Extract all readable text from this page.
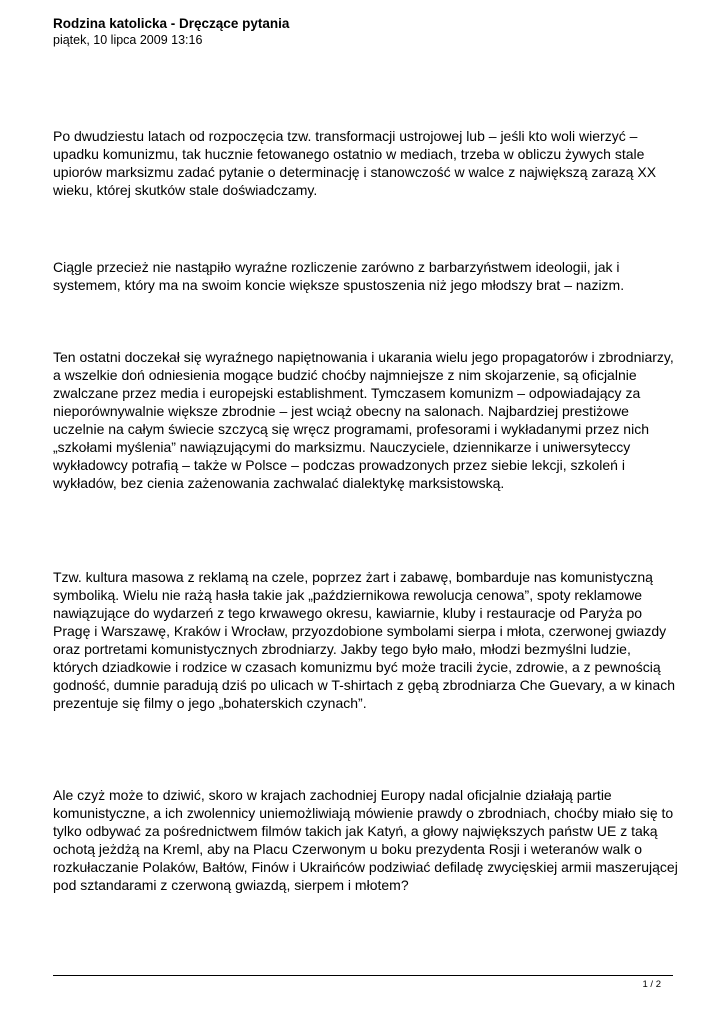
Rodzina katolicka - Dręczące pytania
piątek, 10 lipca 2009 13:16

Po dwudziestu latach od rozpoczęcia tzw. transformacji ustrojowej lub – jeśli kto woli wierzyć – upadku komunizmu, tak hucznie fetowanego ostatnio w mediach, trzeba w obliczu żywych stale upiorów marksizmu zadać pytanie o determinację i stanowczość w walce z największą zarazą XX wieku, której skutków stale doświadczamy.

Ciągle przecież nie nastąpiło wyraźne rozliczenie zarówno z barbarzyństwem ideologii, jak i systemem, który ma na swoim koncie większe spustoszenia niż jego młodszy brat – nazizm.

Ten ostatni doczekał się wyraźnego napiętnowania i ukarania wielu jego propagatorów i zbrodniarzy, a wszelkie doń odniesienia mogące budzić choćby najmniejsze z nim skojarzenie, są oficjalnie zwalczane przez media i europejski establishment. Tymczasem komunizm – odpowiadający za nieporównywalnie większe zbrodnie – jest wciąż obecny na salonach. Najbardziej prestiżowe uczelnie na całym świecie szczycą się wręcz programami, profesorami i wykładanymi przez nich „szkołami myślenia” nawiązującymi do marksizmu. Nauczyciele, dziennikarze i uniwersyteccy wykładowcy potrafią – także w Polsce – podczas prowadzonych przez siebie lekcji, szkoleń i wykładów, bez cienia zażenowania zachwalać dialektykę marksistowską.

Tzw. kultura masowa z reklamą na czele, poprzez żart i zabawę, bombarduje nas komunistyczną symboliką. Wielu nie rażą hasła takie jak „październikowa rewolucja cenowa”, spoty reklamowe nawiązujące do wydarzeń z tego krwawego okresu, kawiarnie, kluby i restauracje od Paryża po Pragę i Warszawę, Kraków i Wrocław, przyozdobione symbolami sierpa i młota, czerwonej gwiazdy oraz portretami komunistycznych zbrodniarzy. Jakby tego było mało, młodzi bezmyślni ludzie, których dziadkowie i rodzice w czasach komunizmu być może tracili życie, zdrowie, a z pewnością godność, dumnie paradują dziś po ulicach w T-shirtach z gębą zbrodniarza Che Guevary, a w kinach prezentuje się filmy o jego „bohaterskich czynach”.

Ale czyż może to dziwić, skoro w krajach zachodniej Europy nadal oficjalnie działają partie komunistyczne, a ich zwolennicy uniemożliwiają mówienie prawdy o zbrodniach, choćby miało się to tylko odbywać za pośrednictwem filmów takich jak Katyń, a głowy największych państw UE z taką ochotą jeżdżą na Kreml, aby na Placu Czerwonym u boku prezydenta Rosji i weteranów walk o rozkułaczanie Polaków, Bałtów, Finów i Ukraińców podziwiać defiladę zwycięskiej armii maszerującej pod sztandarami z czerwoną gwiazdą, sierpem i młotem?

1 / 2
